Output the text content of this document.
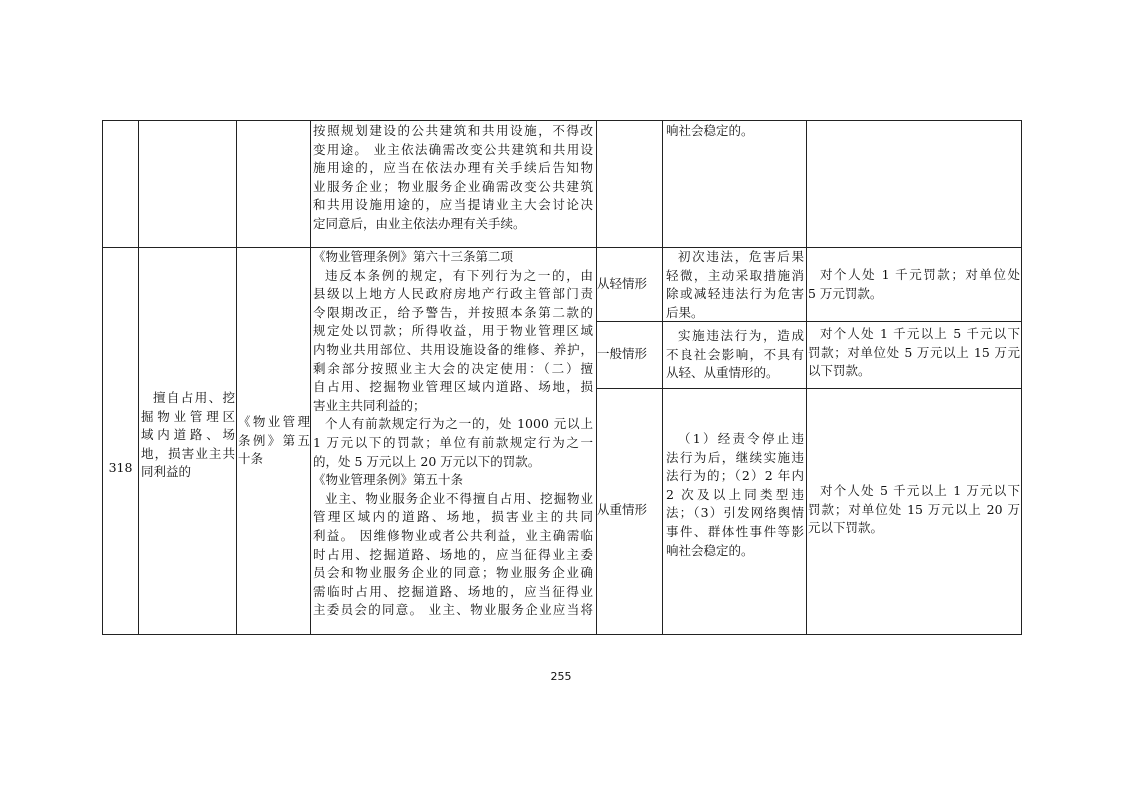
按照规划建设的公共建筑和共用设施，不得改
变用途。 业主依法确需改变公共建筑和共用设
施用途的，应当在依法办理有关手续后告知物
业服务企业；物业服务企业确需改变公共建筑
和共用设施用途的，应当提请业主大会讨论决
定同意后，由业主依法办理有关手续。
响社会稳定的。
318
擅自占用、挖
掘物业管理区
域内道路、场
地，损害业主共
同利益的
《物业管理
条例》第五
十条
《物业管理条例》第六十三条第二项
违反本条例的规定，有下列行为之一的，由
县级以上地方人民政府房地产行政主管部门责
令限期改正，给予警告，并按照本条第二款的
规定处以罚款；所得收益，用于物业管理区域
内物业共用部位、共用设施设备的维修、养护，
剩余部分按照业主大会的决定使用：（二）擅
自占用、挖掘物业管理区域内道路、场地，损
害业主共同利益的；
个人有前款规定行为之一的，处 1000 元以上
1 万元以下的罚款；单位有前款规定行为之一
的，处 5 万元以上 20 万元以下的罚款。
《物业管理条例》第五十条
业主、物业服务企业不得擅自占用、挖掘物业
管理区域内的道路、场地，损害业主的共同
利益。 因维修物业或者公共利益，业主确需临
时占用、挖掘道路、场地的，应当征得业主委
员会和物业服务企业的同意；物业服务企业确
需临时占用、挖掘道路、场地的，应当征得业
主委员会的同意。 业主、物业服务企业应当将
从轻情形
初次违法，危害后果
轻微，主动采取措施消
除或减轻违法行为危害
后果。
对个人处 1 千元罚款；对单位处
5 万元罚款。
一般情形
实施违法行为，造成
不良社会影响，不具有
从轻、从重情形的。
对个人处 1 千元以上 5 千元以下
罚款；对单位处 5 万元以上 15 万元
以下罚款。
从重情形
（1）经责令停止违
法行为后，继续实施违
法行为的；（2）2 年内
2 次及以上同类型违
法；（3）引发网络舆情
事件、群体性事件等影
响社会稳定的。
对个人处 5 千元以上 1 万元以下
罚款；对单位处 15 万元以上 20 万
元以下罚款。
255
